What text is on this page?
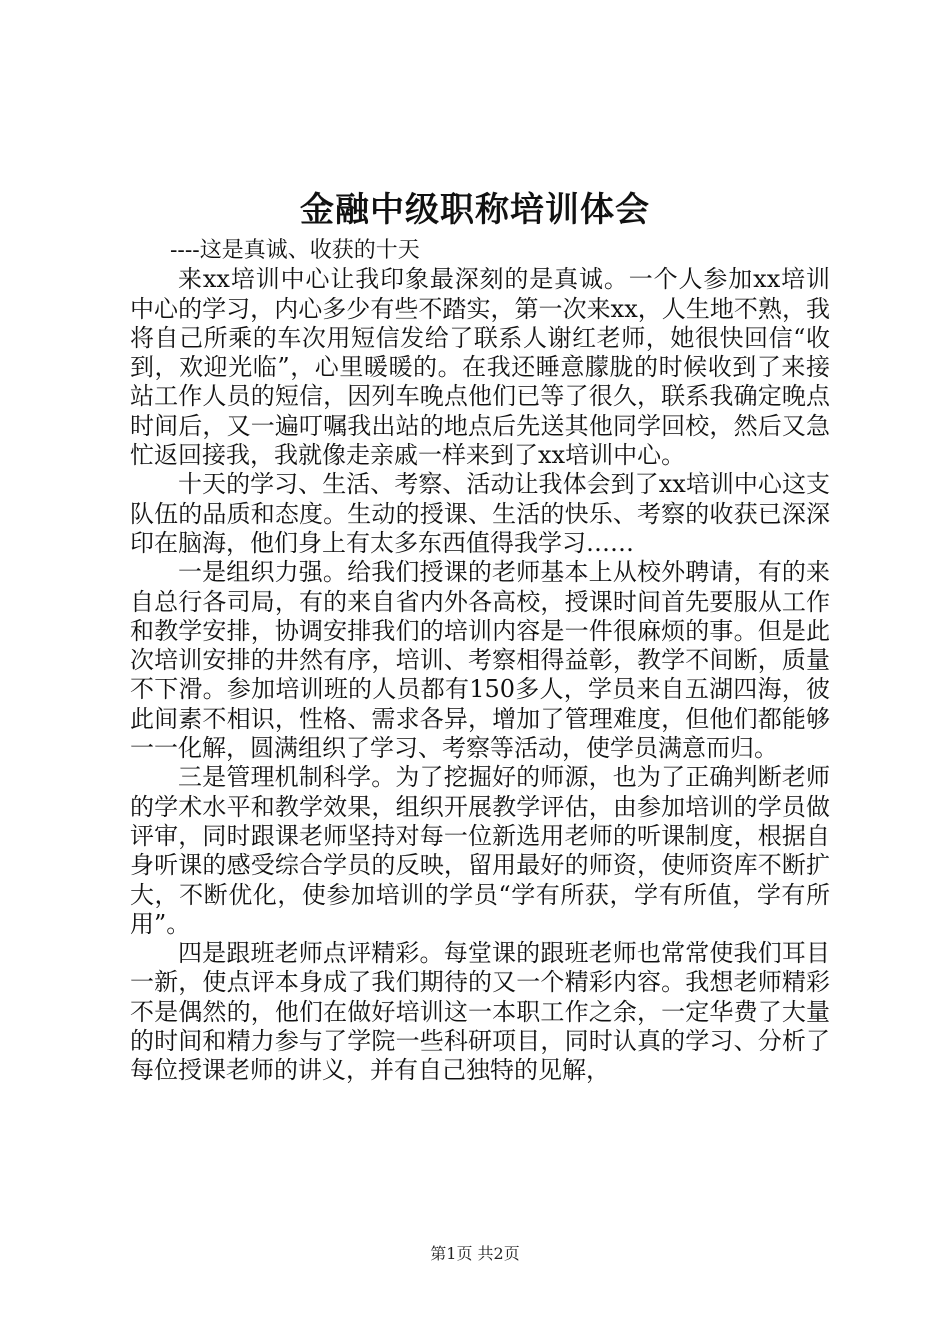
金融中级职称培训体会

----这是真诚、收获的十天

来xx培训中心让我印象最深刻的是真诚。一个人参加xx培训中心的学习，内心多少有些不踏实，第一次来xx，人生地不熟，我将自己所乘的车次用短信发给了联系人谢红老师，她很快回信“收到，欢迎光临”，心里暖暖的。在我还睡意朦胧的时候收到了来接站工作人员的短信，因列车晚点他们已等了很久，联系我确定晚点时间后，又一遍叮嘱我出站的地点后先送其他同学回校，然后又急忙返回接我，我就像走亲戚一样来到了xx培训中心。

十天的学习、生活、考察、活动让我体会到了xx培训中心这支队伍的品质和态度。生动的授课、生活的快乐、考察的收获已深深印在脑海，他们身上有太多东西值得我学习……

一是组织力强。给我们授课的老师基本上从校外聘请，有的来自总行各司局，有的来自省内外各高校，授课时间首先要服从工作和教学安排，协调安排我们的培训内容是一件很麻烦的事。但是此次培训安排的井然有序，培训、考察相得益彰，教学不间断，质量不下滑。参加培训班的人员都有150多人，学员来自五湖四海，彼此间素不相识，性格、需求各异，增加了管理难度，但他们都能够一一化解，圆满组织了学习、考察等活动，使学员满意而归。

三是管理机制科学。为了挖掘好的师源，也为了正确判断老师的学术水平和教学效果，组织开展教学评估，由参加培训的学员做评审，同时跟课老师坚持对每一位新选用老师的听课制度，根据自身听课的感受综合学员的反映，留用最好的师资，使师资库不断扩大，不断优化，使参加培训的学员“学有所获，学有所值，学有所用”。

四是跟班老师点评精彩。每堂课的跟班老师也常常使我们耳目一新，使点评本身成了我们期待的又一个精彩内容。我想老师精彩不是偶然的，他们在做好培训这一本职工作之余，一定华费了大量的时间和精力参与了学院一些科研项目，同时认真的学习、分析了每位授课老师的讲义，并有自己独特的见解，

第1页 共2页
